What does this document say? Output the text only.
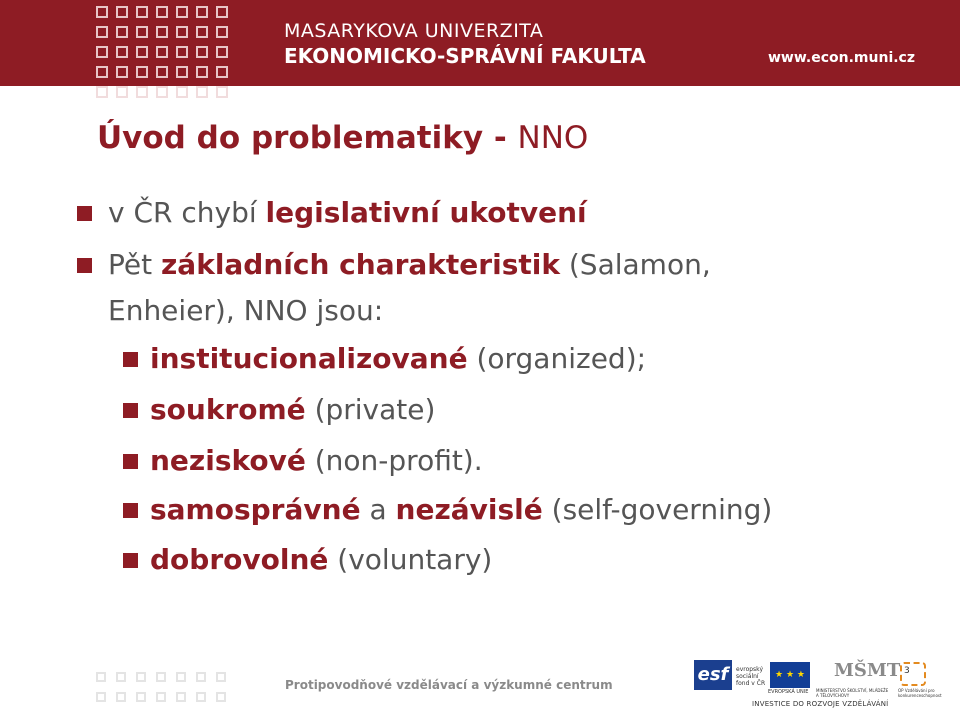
MASARYKOVA UNIVERZITA
EKONOMICKO-SPRÁVNÍ FAKULTA	www.econ.muni.cz
Úvod do problematiky - NNO
v ČR chybí legislativní ukotvení
Pět základních charakteristik (Salamon,
Enheier), NNO jsou:
institucionalizované (organized);
soukromé (private)
neziskové (non-profit).
samosprávné a nezávislé (self-governing)
dobrovolné (voluntary)
Protipovodňové vzdělávací a výzkumné centrum	esf	evropský sociální fond v ČR
★ ★ ★
EVROPSKÁ UNIE
MŠMT
MINISTERSTVO ŠKOLSTVÍ, MLÁDEŽE A TĚLOVÝCHOVY
3
OP Vzdělávání pro konkurenceschopnost
INVESTICE DO ROZVOJE VZDĚLÁVÁNÍ
